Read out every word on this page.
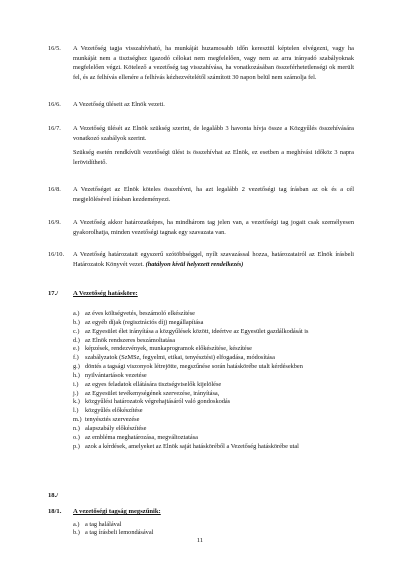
16/5. A Vezetőség tagja visszahívható, ha munkáját huzamosabb időn keresztül képtelen elvégezni, vagy ha munkáját nem a tisztséghez igazodó célokat nem megfelelően, vagy nem az arra irányadó szabályoknak megfelelően végzi. Kötelező a vezetőség tag visszahívása, ha vonatkozásában összeférhetetlenségi ok merült fel, és az felhívás ellenére a felhívás kézhezvételétől számított 30 napon belül nem számolja fel.

16/6. A Vezetőség üléseit az Elnök vezeti.

16/7. A Vezetőség ülését az Elnök szükség szerint, de legalább 3 havonta hívja össze a Közgyűlés összehívására vonatkozó szabályok szerint.

Szükség esetén rendkívüli vezetőségi ülést is összehívhat az Elnök, ez esetben a meghívási időköz 3 napra lerövidíthető.

16/8. A Vezetőséget az Elnök köteles összehívni, ha azt legalább 2 vezetőségi tag írásban az ok és a cél megjelölésével írásban kezdeményezi.

16/9. A Vezetőség akkor határozatképes, ha mindhárom tag jelen van, a vezetőségi tag jogait csak személyesen gyakorolhatja, minden vezetőségi tagnak egy szavazata van.

16/10. A Vezetőség határozatait egyszerű szótöbbséggel, nyílt szavazással hozza, határozatairól az Elnök írásbeli Határozatok Könyvét vezet. (hatályon kívül helyezett rendelkezés)

17./ A Vezetőség hatásköre:
a.) az éves költségvetés, beszámoló elkészítése
b.) az egyéb díjak (regisztrációs díj) megállapítása
c.) az Egyesület élet irányítása a közgyűlések között, ideértve az Egyesület gazdálkodását is
d.) az Elnök rendszeres beszámoltatása
e.) képzések, rendezvények, munkaprogramok előkészítése, készítése
f.) szabályzatok (SzMSz, fegyelmi, etikai, tenyésztési) elfogadása, módosítása
g.) döntés a tagsági viszonyok létrejötte, megszűnése során hatáskörébe utalt kérdésekben
h.) nyilvántartások vezetése
i.) az egyes feladatok ellátására tisztségviselők kijelölése
j.) az Egyesület tevékenységének szervezése, irányítása,
k.) közgyűlési határozatok végrehajtásáról való gondoskodás
l.) közgyűlés előkészítése
m.) tenyésztés szervezése
n.) alapszabály előkészítése
o.) az embléma meghatározása, megváltoztatása
p.) azok a kérdések, amelyeket az Elnök saját hatásköréből a Vezetőség hatáskörébe utal
18./
18/1. A vezetőségi tagság megszűnik:
a.) a tag halálával
b.) a tag írásbeli lemondásával
11
